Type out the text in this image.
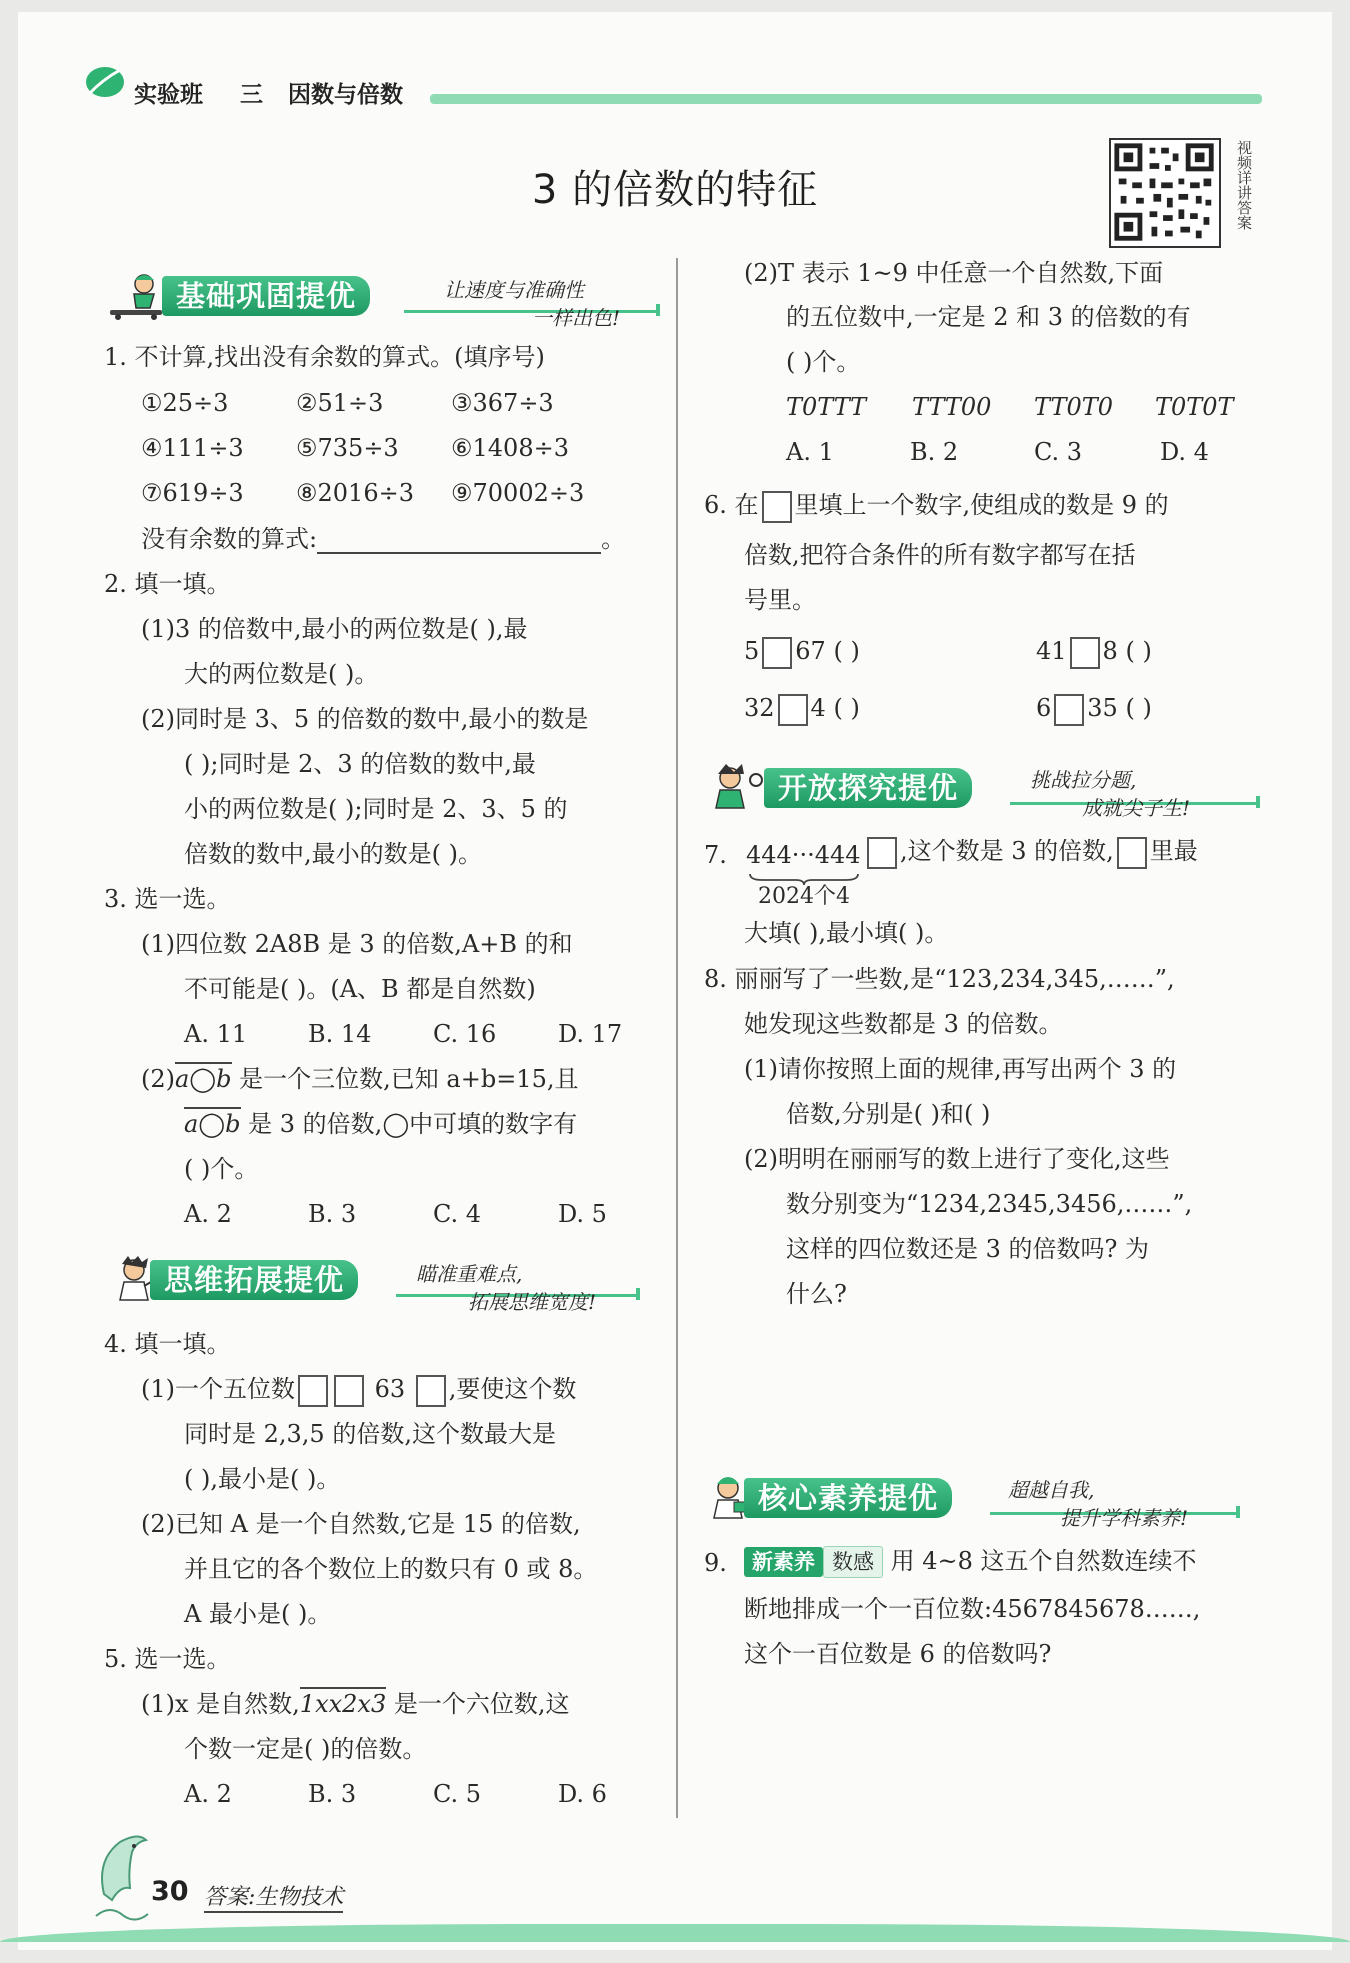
实验班 三 因数与倍数
3 的倍数的特征	视频详讲答案
基础巩固提优	让速度与准确性
一样出色!
1. 不计算,找出没有余数的算式。(填序号)
①25÷3	②51÷3	③367÷3
④111÷3 ⑤735÷3 ⑥1408÷3
⑦619÷3 ⑧2016÷3 ⑨70002÷3
没有余数的算式:	。
2. 填一填。
(1)3 的倍数中,最小的两位数是( ),最
大的两位数是( )。
(2)同时是 3、5 的倍数的数中,最小的数是
( );同时是 2、3 的倍数的数中,最
小的两位数是( );同时是 2、3、5 的
倍数的数中,最小的数是( )。
3. 选一选。
(1)四位数 2A8B 是 3 的倍数,A+B 的和
不可能是( )。(A、B 都是自然数)
A. 11	B. 14	C. 16	D. 17
(2)a◯b 是一个三位数,已知 a+b=15,且
a◯b 是 3 的倍数,◯中可填的数字有
( )个。
A. 2	B. 3	C. 4	D. 5
思维拓展提优	瞄准重难点,
拓展思维宽度!
4. 填一填。
(1)一个五位数	63 ,要使这个数
同时是 2,3,5 的倍数,这个数最大是
( ),最小是( )。
(2)已知 A 是一个自然数,它是 15 的倍数,
并且它的各个数位上的数只有 0 或 8。
A 最小是( )。
5. 选一选。
(1)x 是自然数,1xx2x3 是一个六位数,这
个数一定是( )的倍数。
A. 2	B. 3	C. 5	D. 6
(2)T 表示 1~9 中任意一个自然数,下面
的五位数中,一定是 2 和 3 的倍数的有
( )个。
T0TTT TTT00 TT0T0 T0T0T
A. 1	B. 2	C. 3	D. 4
6. 在 里填上一个数字,使组成的数是 9 的
倍数,把符合条件的所有数字都写在括
号里。
5 67 ( )	41 8 ( )
32 4 ( )	6 35 ( )
开放探究提优	挑战拉分题,
成就尖子生!
7. 444···444
2024个4
,这个数是 3 的倍数, 里最
大填( ),最小填( )。
8. 丽丽写了一些数,是“123,234,345,……”,
她发现这些数都是 3 的倍数。
(1)请你按照上面的规律,再写出两个 3 的
倍数,分别是( )和( )
(2)明明在丽丽写的数上进行了变化,这些
数分别变为“1234,2345,3456,……”,
这样的四位数还是 3 的倍数吗? 为
什么?
核心素养提优	超越自我,
提升学科素养!
9.	新素养 数感 用 4~8 这五个自然数连续不
断地排成一个一百位数:4567845678……,
这个一百位数是 6 的倍数吗?
30 答案:生物技术
